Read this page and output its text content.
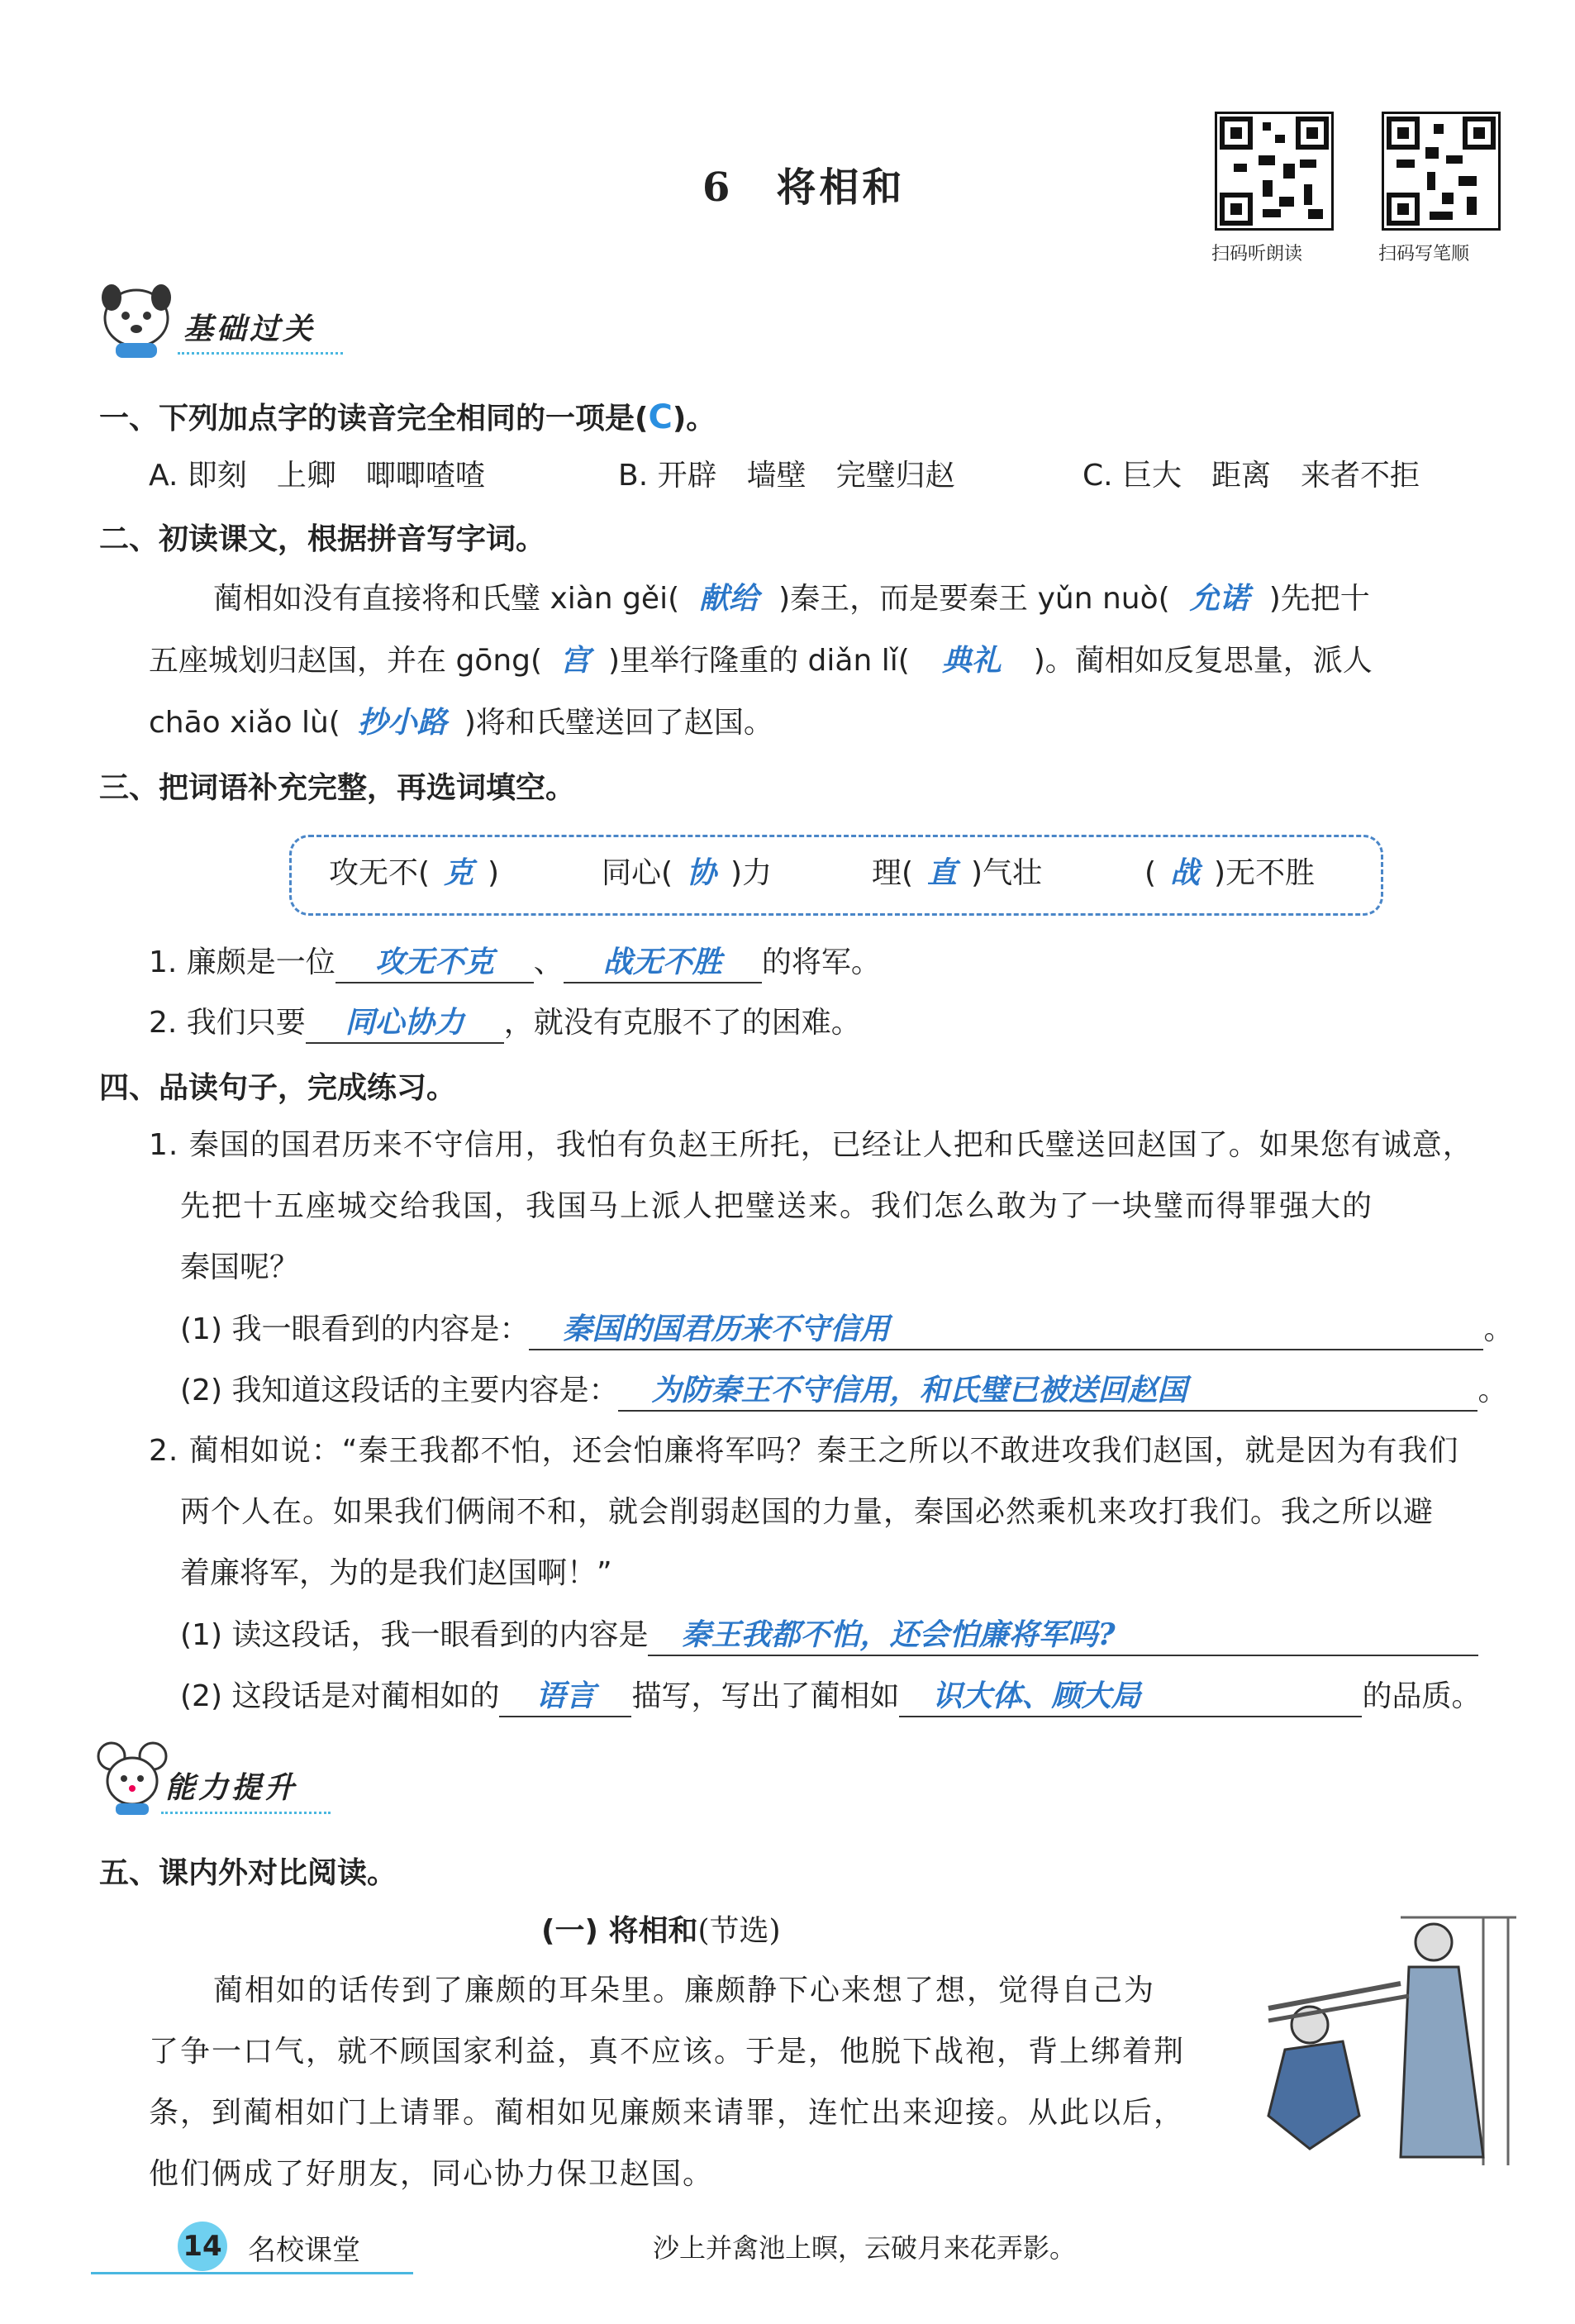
6　将相和
扫码听朗读	扫码写笔顺
基础过关
一、下列加点字的读音完全相同的一项是(C)。
A. 即刻　上卿　唧唧喳喳	B. 开辟　墙壁　完璧归赵	C. 巨大　距离　来者不拒
二、初读课文，根据拼音写字词。
蔺相如没有直接将和氏璧 xiàn gěi( 献给 )秦王，而是要秦王 yǔn nuò( 允诺 )先把十
五座城划归赵国，并在 gōng( 宫 )里举行隆重的 diǎn lǐ( 典礼 )。蔺相如反复思量，派人
chāo xiǎo lù( 抄小路 )将和氏璧送回了赵国。
三、把词语补充完整，再选词填空。
攻无不( 克 )	同心( 协 )力	理( 直 )气壮	( 战 )无不胜
1. 廉颇是一位 攻无不克 、 战无不胜 的将军。
2. 我们只要 同心协力 ，就没有克服不了的困难。
四、品读句子，完成练习。
1. 秦国的国君历来不守信用，我怕有负赵王所托，已经让人把和氏璧送回赵国了。如果您有诚意，
先把十五座城交给我国，我国马上派人把璧送来。我们怎么敢为了一块璧而得罪强大的
秦国呢？
(1) 我一眼看到的内容是： 秦国的国君历来不守信用	。
(2) 我知道这段话的主要内容是： 为防秦王不守信用，和氏璧已被送回赵国	。
2. 蔺相如说：“秦王我都不怕，还会怕廉将军吗？秦王之所以不敢进攻我们赵国，就是因为有我们
两个人在。如果我们俩闹不和，就会削弱赵国的力量，秦国必然乘机来攻打我们。我之所以避
着廉将军，为的是我们赵国啊！”
(1) 读这段话，我一眼看到的内容是 秦王我都不怕，还会怕廉将军吗?
(2) 这段话是对蔺相如的 语言 描写，写出了蔺相如 识大体、顾大局	的品质。
能力提升
五、课内外对比阅读。
(一) 将相和(节选)
蔺相如的话传到了廉颇的耳朵里。廉颇静下心来想了想，觉得自己为
了争一口气，就不顾国家利益，真不应该。于是，他脱下战袍，背上绑着荆
条，到蔺相如门上请罪。蔺相如见廉颇来请罪，连忙出来迎接。从此以后，
他们俩成了好朋友，同心协力保卫赵国。
14 名校课堂	沙上并禽池上暝，云破月来花弄影。
